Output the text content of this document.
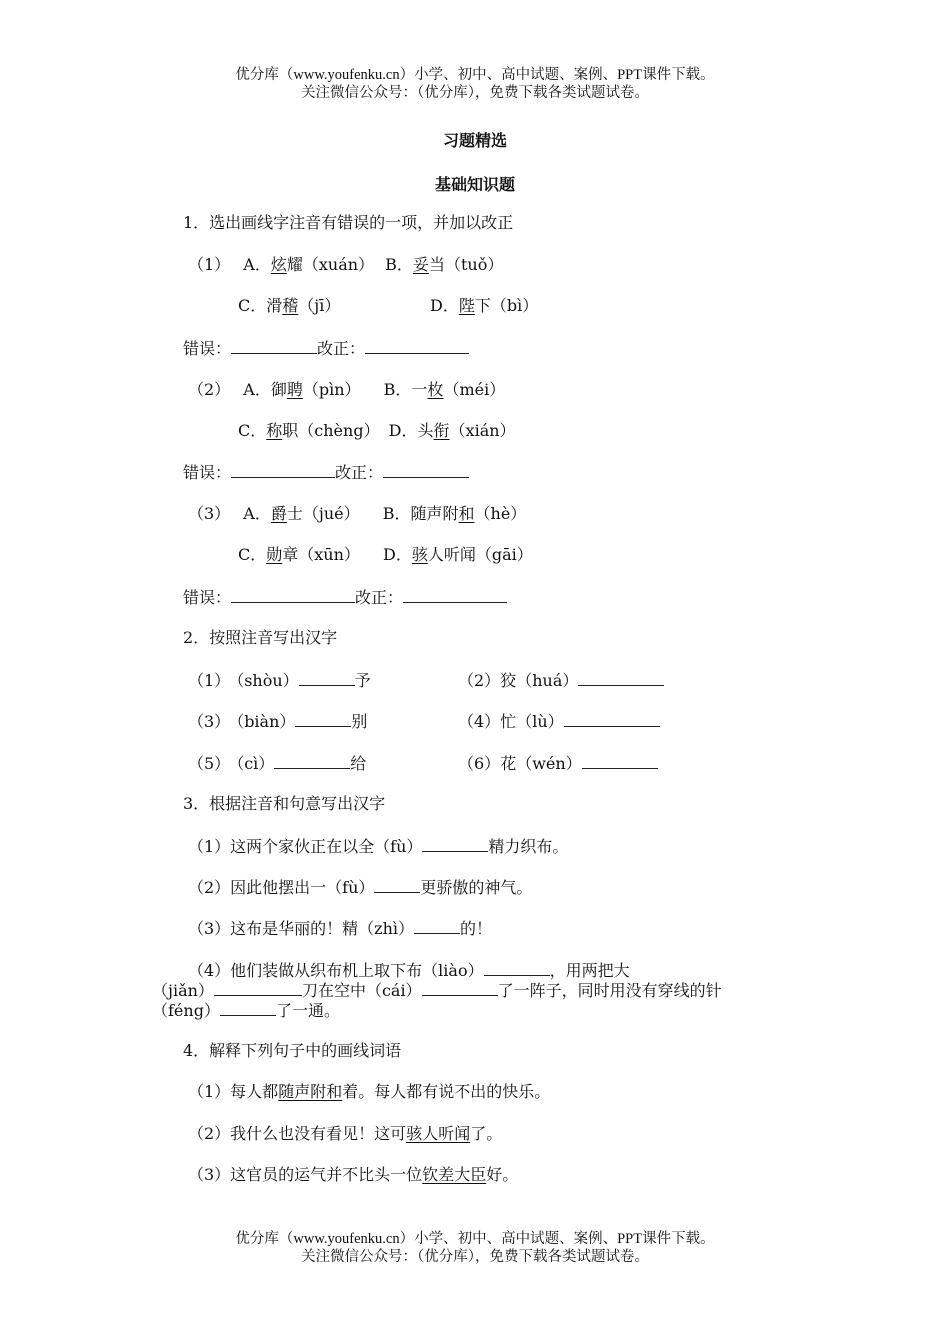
优分库（www.youfenku.cn）小学、初中、高中试题、案例、PPT课件下载。
关注微信公众号：（优分库），免费下载各类试题试卷。
习题精选
基础知识题
1．选出画线字注音有错误的一项，并加以改正
（1） A．炫耀（xuán） B．妥当（tuǒ）
C．滑稽（jī）	D．陛下（bì）
错误：	改正：
（2） A．御聘（pìn） B．一枚（méi）
C．称职（chèng） D．头衔（xián）
错误：	改正：
（3） A．爵士（jué） B．随声附和（hè）
C．勋章（xūn） D．骇人听闻（gāi）
错误：	改正：
2．按照注音写出汉字
（1） （shòu）	予	（2）狡（huá）
（3） （biàn）	别	（4）忙（lù）
（5） （cì）	给	（6）花（wén）
3．根据注音和句意写出汉字
（1）这两个家伙正在以全（fù）	精力织布。
（2）因此他摆出一（fù）	更骄傲的神气。
（3）这布是华丽的！精（zhì）	的！
（4）他们装做从织布机上取下布（liào）	，用两把大
（jiǎn）	刀在空中（cái）	了一阵子，同时用没有穿线的针
（féng）	了一通。
4．解释下列句子中的画线词语
（1）每人都随声附和着。每人都有说不出的快乐。
（2）我什么也没有看见！这可骇人听闻了。
（3）这官员的运气并不比头一位钦差大臣好。
优分库（www.youfenku.cn）小学、初中、高中试题、案例、PPT课件下载。
关注微信公众号：（优分库），免费下载各类试题试卷。
